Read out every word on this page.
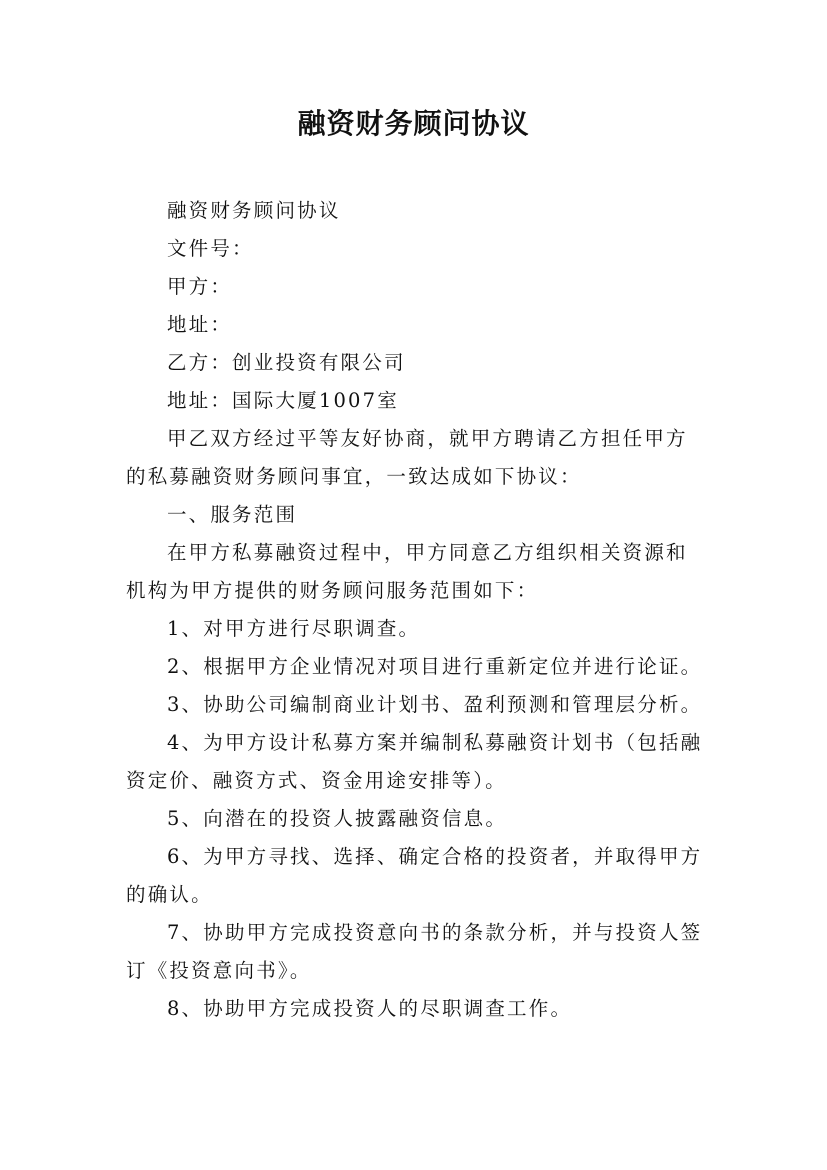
融资财务顾问协议

融资财务顾问协议

文件号：

甲方：

地址：

乙方：创业投资有限公司

地址：国际大厦1007室

甲乙双方经过平等友好协商，就甲方聘请乙方担任甲方的私募融资财务顾问事宜，一致达成如下协议：

一、服务范围

在甲方私募融资过程中，甲方同意乙方组织相关资源和机构为甲方提供的财务顾问服务范围如下：

1、对甲方进行尽职调查。

2、根据甲方企业情况对项目进行重新定位并进行论证。

3、协助公司编制商业计划书、盈利预测和管理层分析。

4、为甲方设计私募方案并编制私募融资计划书（包括融资定价、融资方式、资金用途安排等）。

5、向潜在的投资人披露融资信息。

6、为甲方寻找、选择、确定合格的投资者，并取得甲方的确认。

7、协助甲方完成投资意向书的条款分析，并与投资人签订《投资意向书》。

8、协助甲方完成投资人的尽职调查工作。
